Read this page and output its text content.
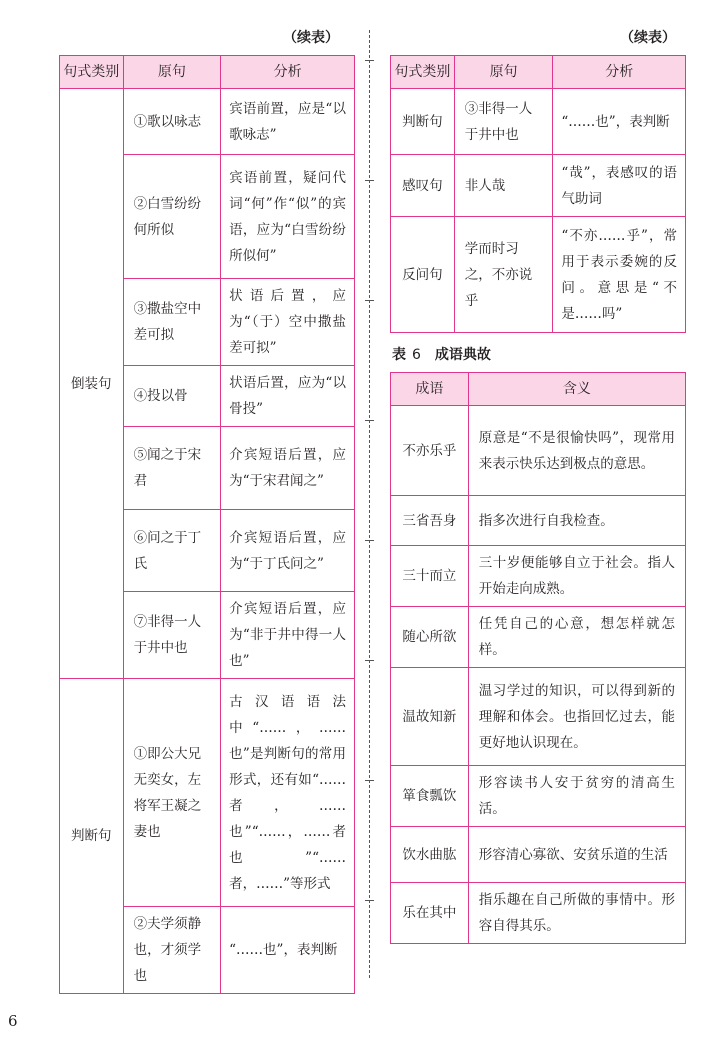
（续表）	（续表）
句式类别	原句	分析
倒装句	①歌以咏志	宾语前置，应是“以歌咏志”
	②白雪纷纷何所似	宾语前置，疑问代词“何”作“似”的宾语，应为“白雪纷纷所似何”
	③撒盐空中差可拟	状语后置，应为“（于）空中撒盐差可拟”
	④投以骨	状语后置，应为“以骨投”
	⑤闻之于宋君	介宾短语后置，应为“于宋君闻之”
	⑥问之于丁氏	介宾短语后置，应为“于丁氏问之”
	⑦非得一人于井中也	介宾短语后置，应为“非于井中得一人也”
判断句	①即公大兄无奕女，左将军王凝之妻也	古汉语语法中“……，……也”是判断句的常用形式，还有如“……者，……也”“……，……者也”“……者，……”等形式
	②夫学须静也，才须学也	“……也”，表判断
句式类别	原句	分析
判断句	③非得一人于井中也	“……也”，表判断
感叹句	非人哉	“哉”，表感叹的语气助词
反问句	学而时习之，不亦说乎	“不亦……乎”，常用于表示委婉的反问。意思是“不是……吗”
表 6 成语典故
成语	含义
不亦乐乎	原意是“不是很愉快吗”，现常用来表示快乐达到极点的意思。
三省吾身	指多次进行自我检查。
三十而立	三十岁便能够自立于社会。指人开始走向成熟。
随心所欲	任凭自己的心意，想怎样就怎样。
温故知新	温习学过的知识，可以得到新的理解和体会。也指回忆过去，能更好地认识现在。
箪食瓢饮	形容读书人安于贫穷的清高生活。
饮水曲肱	形容清心寡欲、安贫乐道的生活
乐在其中	指乐趣在自己所做的事情中。形容自得其乐。
6
